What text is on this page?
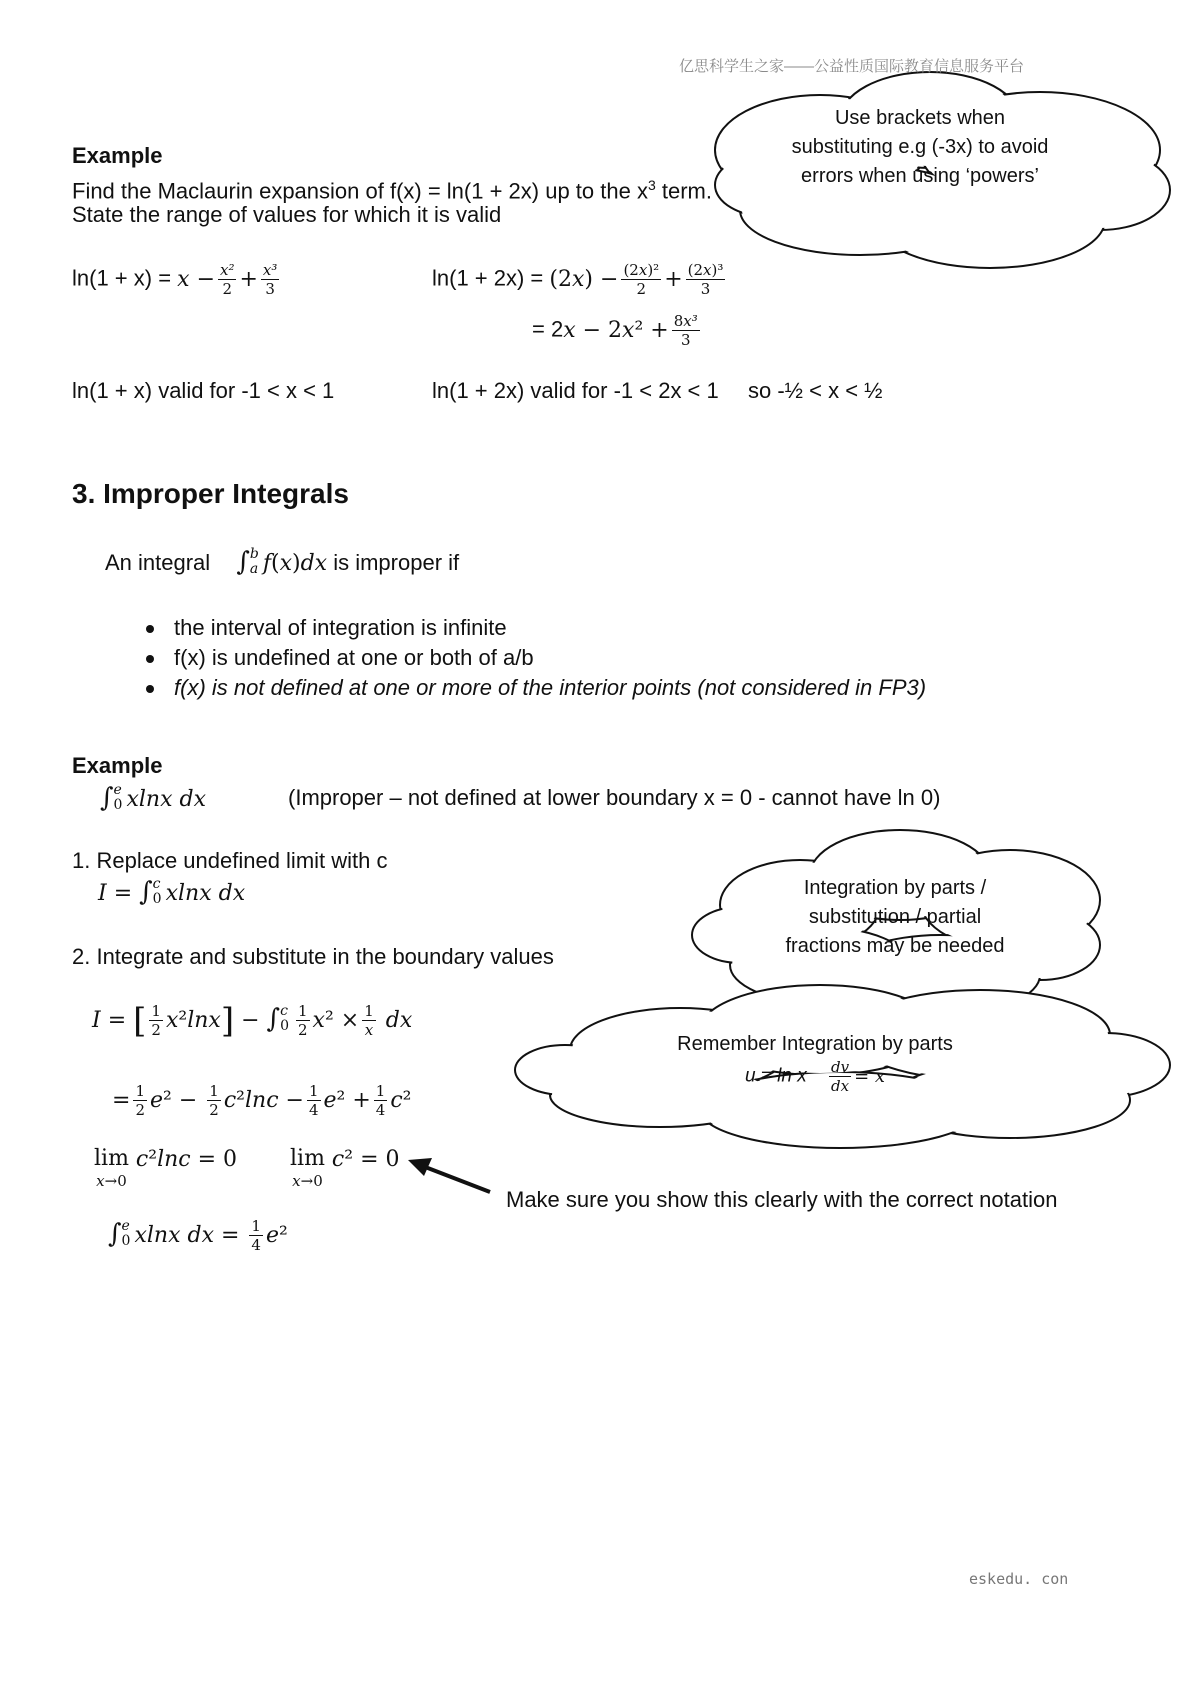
亿思科学生之家——公益性质国际教育信息服务平台
eskedu. con
Use brackets when
substituting e.g (-3x) to avoid
errors when using ‘powers’
Integration by parts /
substitution / partial
fractions may be needed
Remember Integration by parts
u = ln x $\frac{dv}{dx} = x$
Example
Find the Maclaurin expansion of f(x) = ln(1 + 2x) up to the $x^3$ term.
State the range of values for which it is valid
$\ln(1 + x) = x - \frac{\text{x²}}{2} + \frac{\text{x³}}{3}$	$\ln(1 + 2x) = (2x) - \frac{\text{(2x)²}}{2} + \frac{\text{(2x)³}}{3}$
= $2x - 2x^2 + \frac{\text{8x³}}{3}$
ln(1 + x) valid for -1 < x < 1	ln(1 + 2x) valid for -1 < 2x < 1 so -½ < x < ½
3. Improper Integrals
An integral ∫ b
a f(x)dx is improper if
the interval of integration is infinite
f(x) is undefined at one or both of a/b
f(x) is not defined at one or more of the interior points (not considered in FP3)
Example
∫ e
0 xlnx dx	(Improper – not defined at lower boundary x = 0 - cannot have ln 0)
1. Replace undefined limit with c
I = ∫ c
0 xlnx dx
2. Integrate and substitute in the boundary values
I = [ $\frac{1}{2} x^2\ln x$] − ∫ c
$0 \frac{1}{2} x^2 \times \frac{1}{x}$ dx
= $\frac{1}{2} e^2 - \frac{1}{2} c^2\ln c - \frac{1}{4} e^2 + \frac{1}{4} c^2$
lim
x→0
c²lnc = 0 lim
x→0
c² = 0
Make sure you show this clearly with the correct notation
∫ e
0 xlnx dx = $\frac{1}{4} e^2$
